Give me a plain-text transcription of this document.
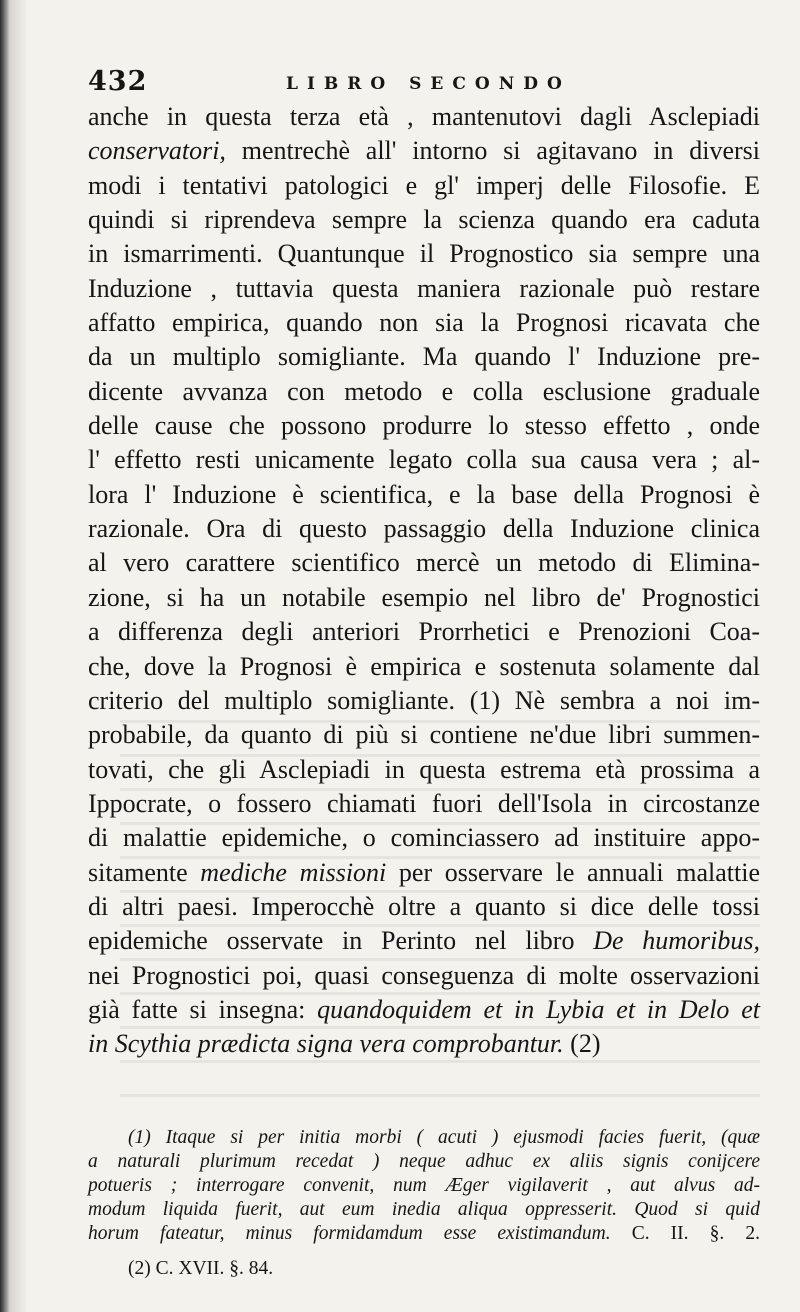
432	LIBRO SECONDO
anche in questa terza età , mantenutovi dagli Asclepiadi
conservatori, mentrechè all' intorno si agitavano in diversi
modi i tentativi patologici e gl' imperj delle Filosofie. E
quindi si riprendeva sempre la scienza quando era caduta
in ismarrimenti. Quantunque il Prognostico sia sempre una
Induzione , tuttavia questa maniera razionale può restare
affatto empirica, quando non sia la Prognosi ricavata che
da un multiplo somigliante. Ma quando l' Induzione pre-
dicente avvanza con metodo e colla esclusione graduale
delle cause che possono produrre lo stesso effetto , onde
l' effetto resti unicamente legato colla sua causa vera ; al-
lora l' Induzione è scientifica, e la base della Prognosi è
razionale. Ora di questo passaggio della Induzione clinica
al vero carattere scientifico mercè un metodo di Elimina-
zione, si ha un notabile esempio nel libro de' Prognostici
a differenza degli anteriori Prorrhetici e Prenozioni Coa-
che, dove la Prognosi è empirica e sostenuta solamente dal
criterio del multiplo somigliante. (1) Nè sembra a noi im-
probabile, da quanto di più si contiene ne'due libri summen-
tovati, che gli Asclepiadi in questa estrema età prossima a
Ippocrate, o fossero chiamati fuori dell'Isola in circostanze
di malattie epidemiche, o cominciassero ad instituire appo-
sitamente mediche missioni per osservare le annuali malattie
di altri paesi. Imperocchè oltre a quanto si dice delle tossi
epidemiche osservate in Perinto nel libro De humoribus,
nei Prognostici poi, quasi conseguenza di molte osservazioni
già fatte si insegna: quandoquidem et in Lybia et in Delo et
in Scythia prædicta signa vera comprobantur. (2)
(1) Itaque si per initia morbi ( acuti ) ejusmodi facies fuerit, (quæ
a naturali plurimum recedat ) neque adhuc ex aliis signis conijcere
potueris ; interrogare convenit, num Æger vigilaverit , aut alvus ad-
modum liquida fuerit, aut eum inedia aliqua oppresserit. Quod si quid
horum fateatur, minus formidamdum esse existimandum. C. II. §. 2.
(2) C. XVII. §. 84.
